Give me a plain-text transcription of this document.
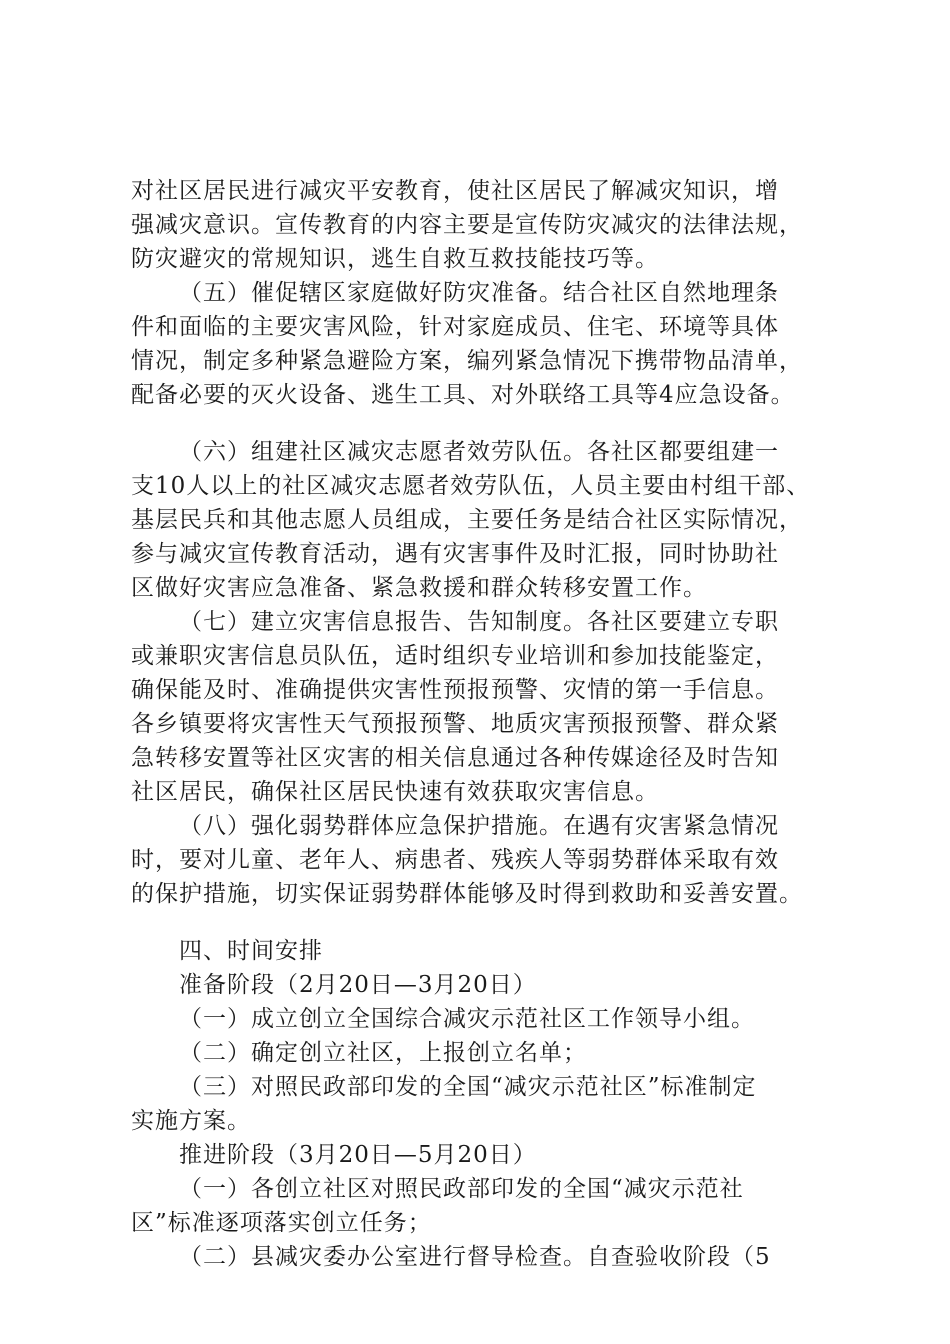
对社区居民进行减灾平安教育，使社区居民了解减灾知识，增
强减灾意识。宣传教育的内容主要是宣传防灾减灾的法律法规，
防灾避灾的常规知识，逃生自救互救技能技巧等。
（五）催促辖区家庭做好防灾准备。结合社区自然地理条
件和面临的主要灾害风险，针对家庭成员、住宅、环境等具体
情况，制定多种紧急避险方案，编列紧急情况下携带物品清单，
配备必要的灭火设备、逃生工具、对外联络工具等4应急设备。
（六）组建社区减灾志愿者效劳队伍。各社区都要组建一
支10人以上的社区减灾志愿者效劳队伍，人员主要由村组干部、
基层民兵和其他志愿人员组成，主要任务是结合社区实际情况，
参与减灾宣传教育活动，遇有灾害事件及时汇报，同时协助社
区做好灾害应急准备、紧急救援和群众转移安置工作。
（七）建立灾害信息报告、告知制度。各社区要建立专职
或兼职灾害信息员队伍，适时组织专业培训和参加技能鉴定，
确保能及时、准确提供灾害性预报预警、灾情的第一手信息。
各乡镇要将灾害性天气预报预警、地质灾害预报预警、群众紧
急转移安置等社区灾害的相关信息通过各种传媒途径及时告知
社区居民，确保社区居民快速有效获取灾害信息。
（八）强化弱势群体应急保护措施。在遇有灾害紧急情况
时，要对儿童、老年人、病患者、残疾人等弱势群体采取有效
的保护措施，切实保证弱势群体能够及时得到救助和妥善安置。
四、时间安排
准备阶段（2月20日—3月20日）
（一）成立创立全国综合减灾示范社区工作领导小组。
（二）确定创立社区，上报创立名单；
（三）对照民政部印发的全国“减灾示范社区”标准制定
实施方案。
推进阶段（3月20日—5月20日）
（一）各创立社区对照民政部印发的全国“减灾示范社
区”标准逐项落实创立任务；
（二）县减灾委办公室进行督导检查。自查验收阶段（5
